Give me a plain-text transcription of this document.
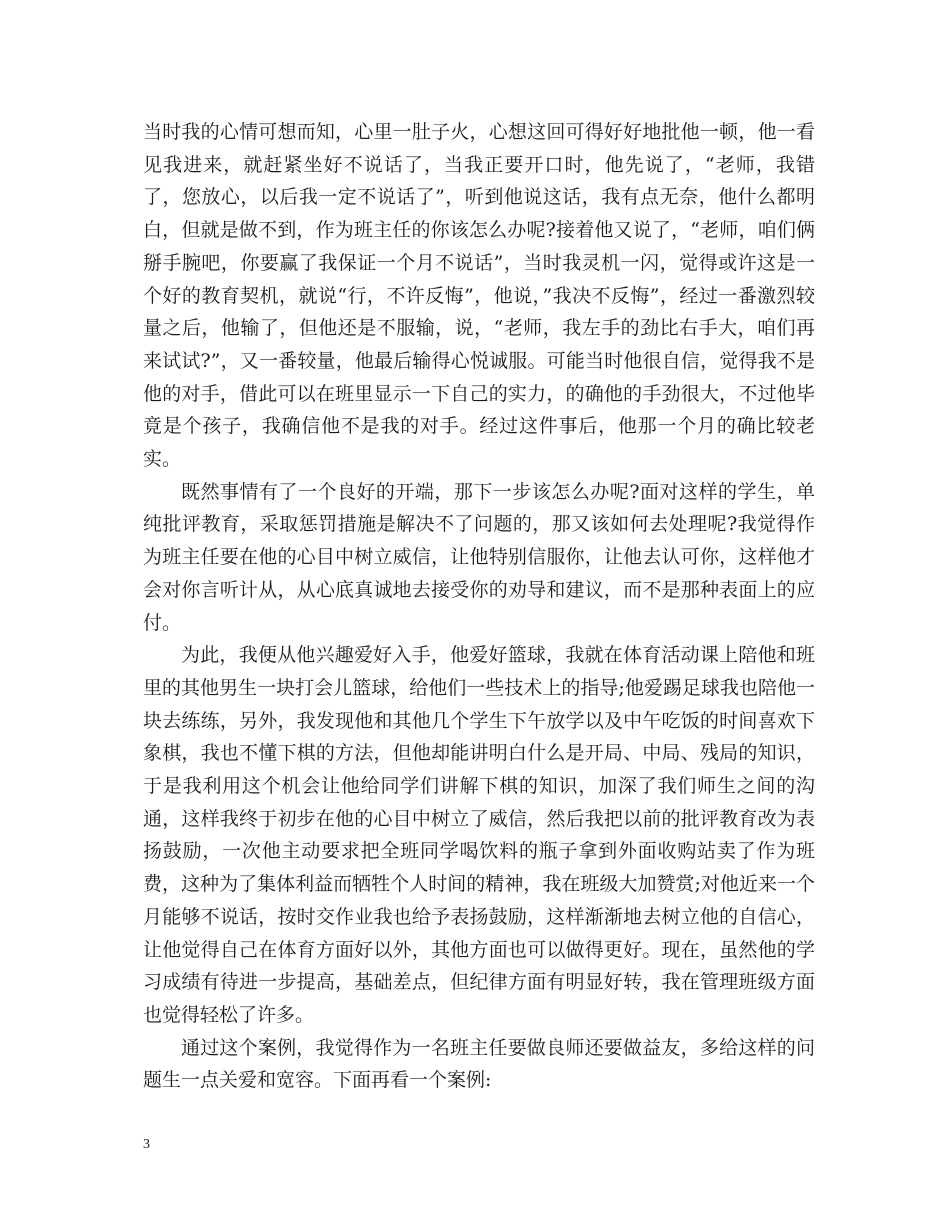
当时我的心情可想而知，心里一肚子火，心想这回可得好好地批他一顿，他一看见我进来，就赶紧坐好不说话了，当我正要开口时，他先说了，“老师，我错了，您放心，以后我一定不说话了”，听到他说这话，我有点无奈，他什么都明白，但就是做不到，作为班主任的你该怎么办呢?接着他又说了，“老师，咱们俩掰手腕吧，你要赢了我保证一个月不说话”，当时我灵机一闪，觉得或许这是一个好的教育契机，就说“行，不许反悔”，他说，”我决不反悔”，经过一番激烈较量之后，他输了，但他还是不服输，说，“老师，我左手的劲比右手大，咱们再来试试?”，又一番较量，他最后输得心悦诚服。可能当时他很自信，觉得我不是他的对手，借此可以在班里显示一下自己的实力，的确他的手劲很大，不过他毕竟是个孩子，我确信他不是我的对手。经过这件事后，他那一个月的确比较老实。

既然事情有了一个良好的开端，那下一步该怎么办呢?面对这样的学生，单纯批评教育，采取惩罚措施是解决不了问题的，那又该如何去处理呢?我觉得作为班主任要在他的心目中树立威信，让他特别信服你，让他去认可你，这样他才会对你言听计从，从心底真诚地去接受你的劝导和建议，而不是那种表面上的应付。

为此，我便从他兴趣爱好入手，他爱好篮球，我就在体育活动课上陪他和班里的其他男生一块打会儿篮球，给他们一些技术上的指导;他爱踢足球我也陪他一块去练练，另外，我发现他和其他几个学生下午放学以及中午吃饭的时间喜欢下象棋，我也不懂下棋的方法，但他却能讲明白什么是开局、中局、残局的知识，于是我利用这个机会让他给同学们讲解下棋的知识，加深了我们师生之间的沟通，这样我终于初步在他的心目中树立了威信，然后我把以前的批评教育改为表扬鼓励，一次他主动要求把全班同学喝饮料的瓶子拿到外面收购站卖了作为班费，这种为了集体利益而牺牲个人时间的精神，我在班级大加赞赏;对他近来一个月能够不说话，按时交作业我也给予表扬鼓励，这样渐渐地去树立他的自信心，让他觉得自己在体育方面好以外，其他方面也可以做得更好。现在，虽然他的学习成绩有待进一步提高，基础差点，但纪律方面有明显好转，我在管理班级方面也觉得轻松了许多。

通过这个案例，我觉得作为一名班主任要做良师还要做益友，多给这样的问题生一点关爱和宽容。下面再看一个案例:

3
